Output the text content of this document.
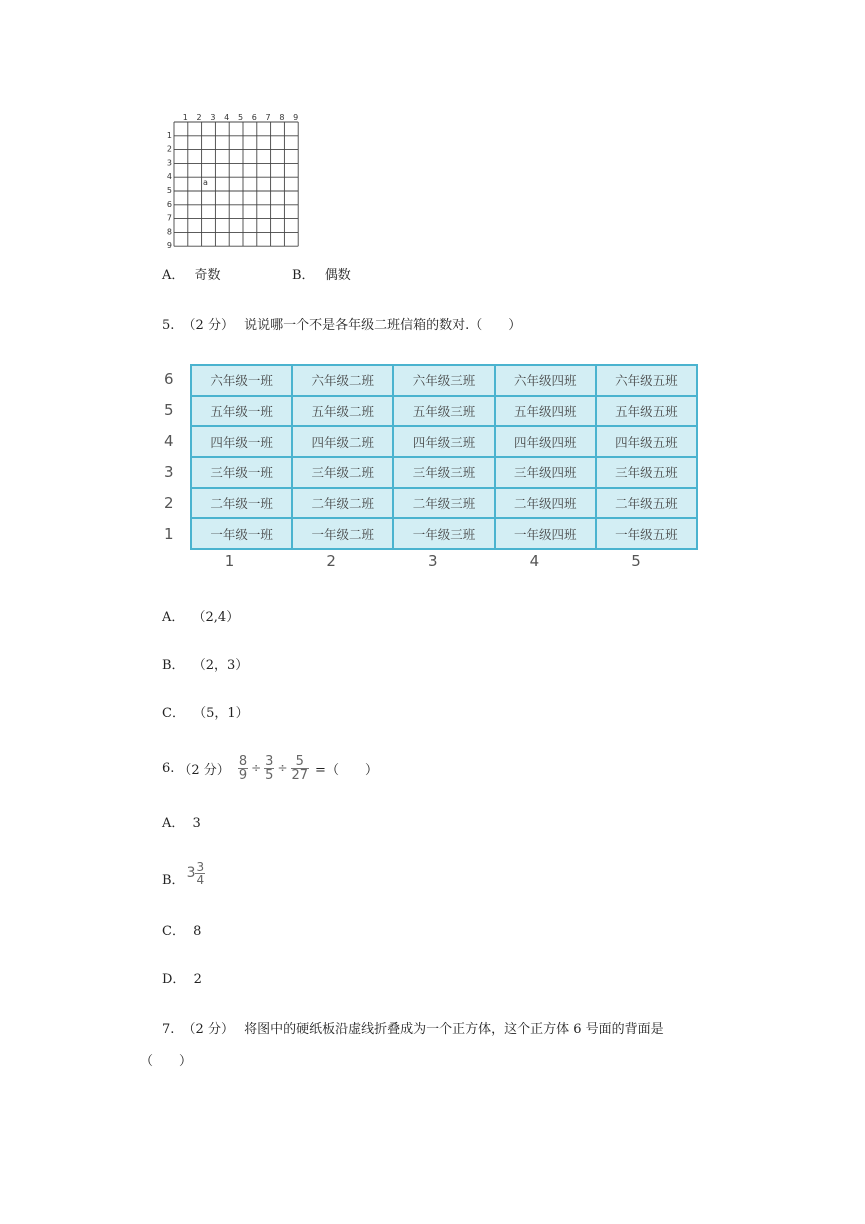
1 2 3 4 5 6 7 8 9
1
2
3
4
5
6
7
8
9
a
A． 奇数	B． 偶数
5. （2 分） 说说哪一个不是各年级二班信箱的数对.（　　）
6
5
4
3
2
1
六年级一班	六年级二班	六年级三班	六年级四班	六年级五班
五年级一班	五年级二班	五年级三班	五年级四班	五年级五班
四年级一班	四年级二班	四年级三班	四年级四班	四年级五班
三年级一班	三年级二班	三年级三班	三年级四班	三年级五班
二年级一班	二年级二班	二年级三班	二年级四班	二年级五班
一年级一班	一年级二班	一年级三班	一年级四班	一年级五班
1	2	3	4	5
A． （2,4）
B． （2，3）
C． （5，1）
6. （2 分） $\frac{8}{9} \div \frac{3}{5} \div \frac{5}{27}$ =（　　）
A． 3
B． $3 \frac{3}{4}$
C． 8
D． 2
7. （2 分） 将图中的硬纸板沿虚线折叠成为一个正方体，这个正方体 6 号面的背面是
（　　）
